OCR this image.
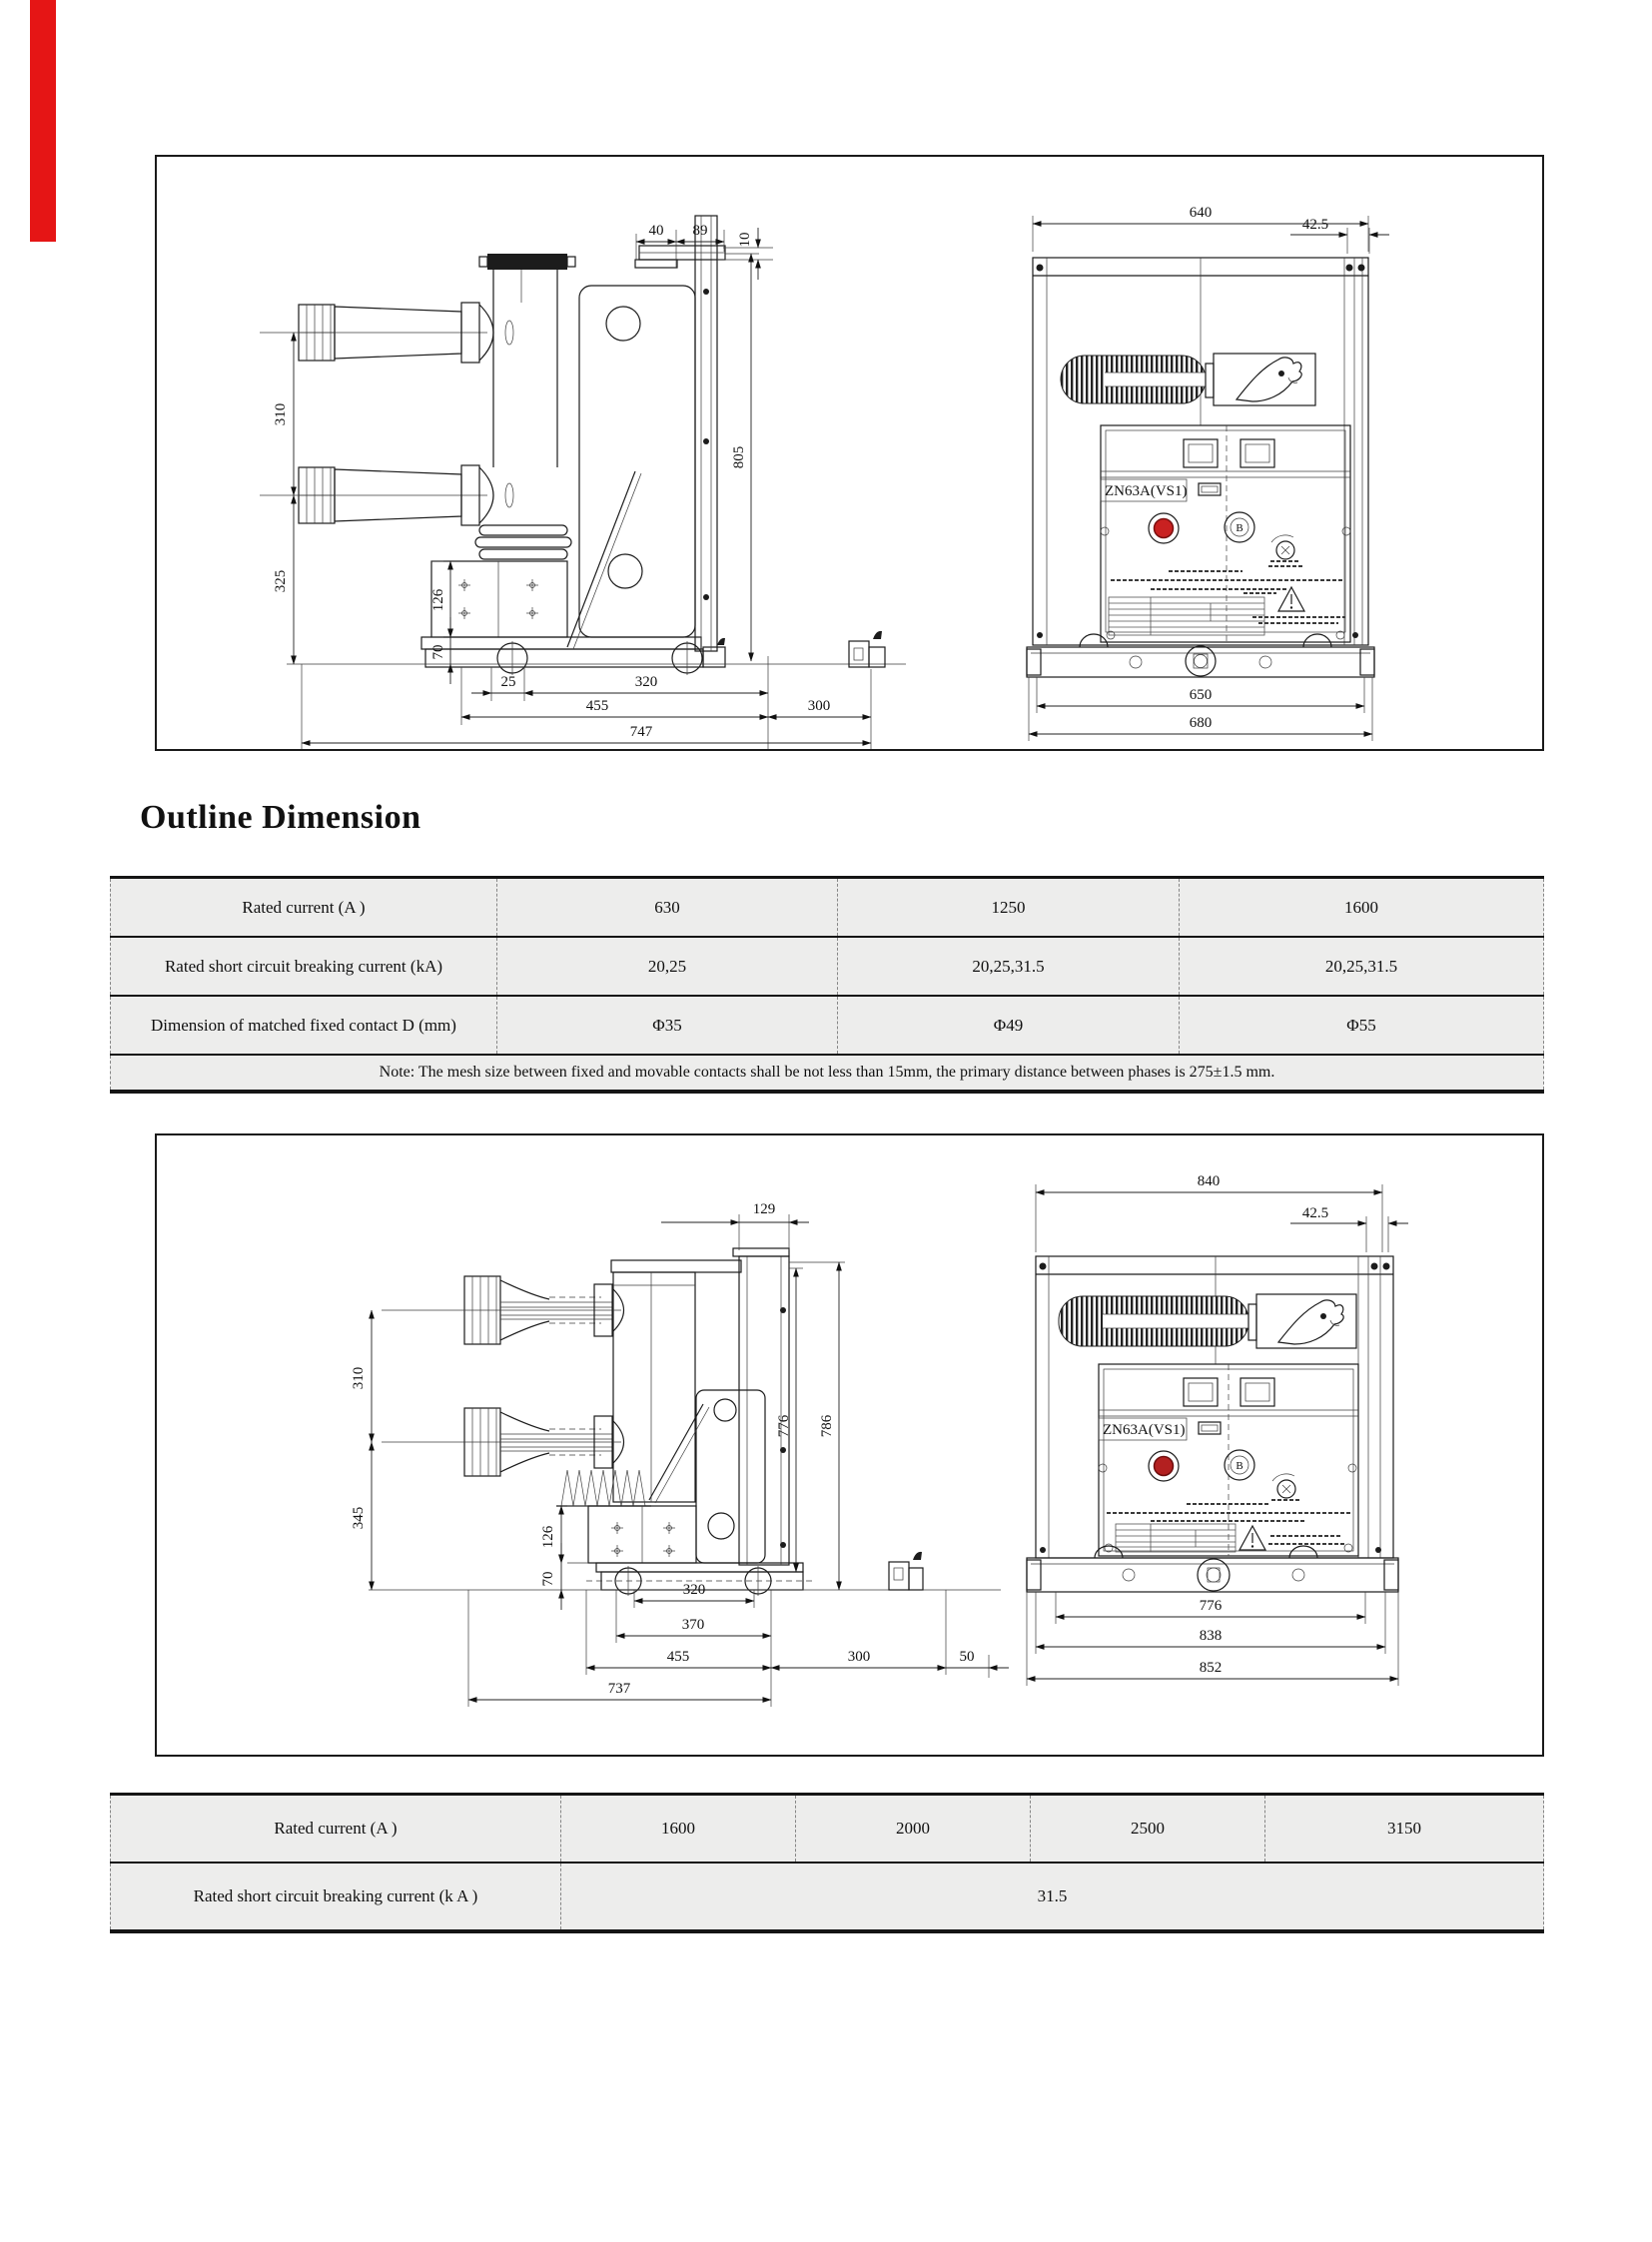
310
325
126
70
40 89
10
805
25	320
455	300
747
640
42.5
ZN63A(VS1)
B
650
680
Outline Dimension
Rated current (A )	630	1250	1600
Rated short circuit breaking current (kA)	20,25	20,25,31.5	20,25,31.5
Dimension of matched fixed contact D (mm)	Φ35	Φ49	Φ55
Note: The mesh size between fixed and movable contacts shall be not less than 15mm, the primary distance between phases is 275±1.5 mm.			
129
310
345
126
70
776 786
320
370
455	300	50
737
840
42.5
ZN63A(VS1)
B
776
838
852
Rated current (A )	1600	2000	2500	3150
Rated short circuit breaking current (k A )	31.5			
